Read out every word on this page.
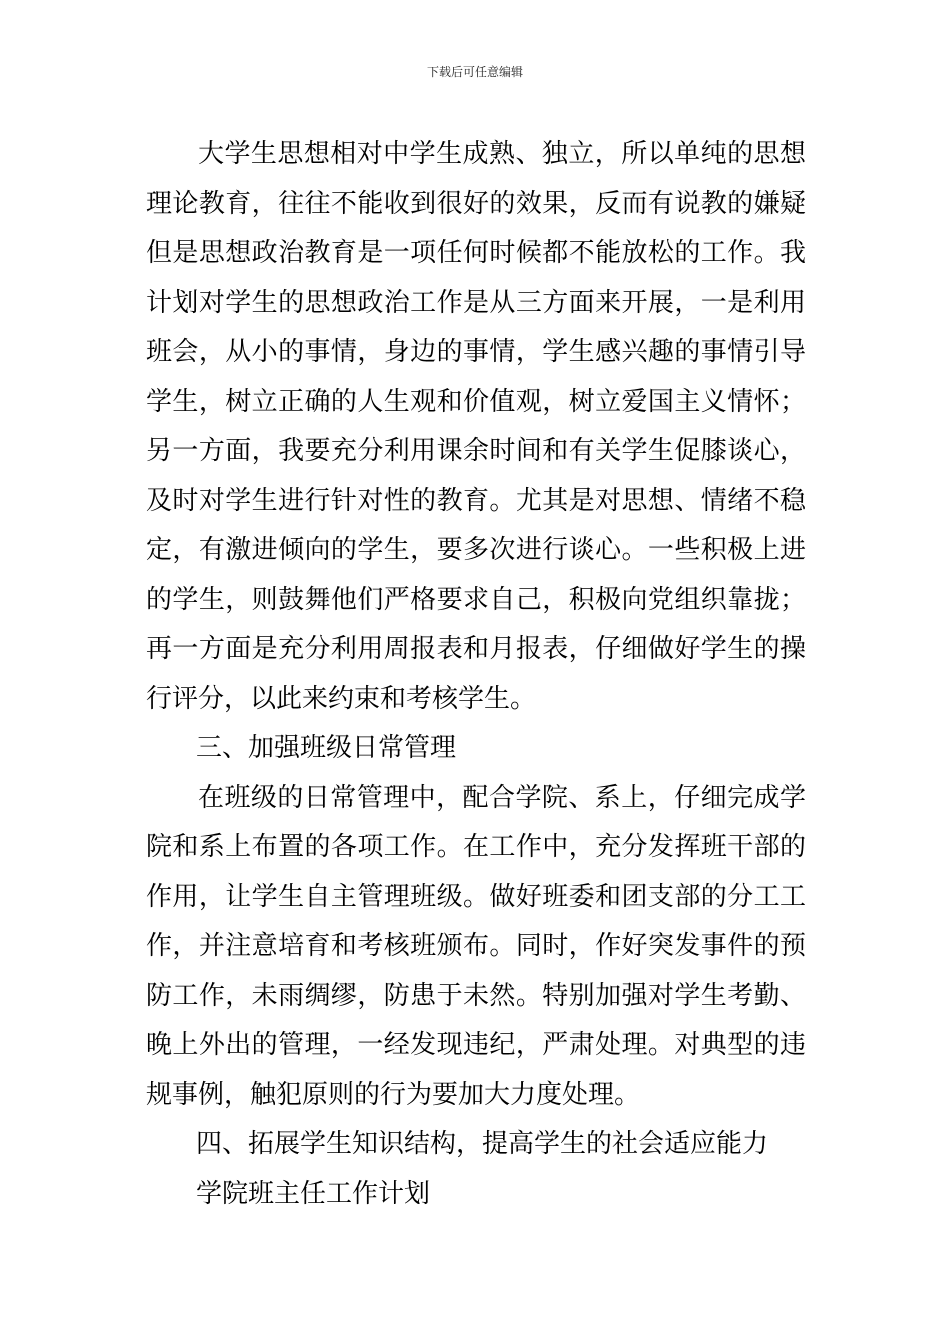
下载后可任意编辑

大学生思想相对中学生成熟、独立，所以单纯的思想理论教育，往往不能收到很好的效果，反而有说教的嫌疑但是思想政治教育是一项任何时候都不能放松的工作。我计划对学生的思想政治工作是从三方面来开展，一是利用班会，从小的事情，身边的事情，学生感兴趣的事情引导学生，树立正确的人生观和价值观，树立爱国主义情怀；另一方面，我要充分利用课余时间和有关学生促膝谈心，及时对学生进行针对性的教育。尤其是对思想、情绪不稳定，有激进倾向的学生，要多次进行谈心。一些积极上进的学生，则鼓舞他们严格要求自己，积极向党组织靠拢；再一方面是充分利用周报表和月报表，仔细做好学生的操行评分，以此来约束和考核学生。

三、加强班级日常管理

在班级的日常管理中，配合学院、系上，仔细完成学院和系上布置的各项工作。在工作中，充分发挥班干部的作用，让学生自主管理班级。做好班委和团支部的分工工作，并注意培育和考核班颁布。同时，作好突发事件的预防工作，未雨绸缪，防患于未然。特别加强对学生考勤、晚上外出的管理，一经发现违纪，严肃处理。对典型的违规事例，触犯原则的行为要加大力度处理。

四、拓展学生知识结构，提高学生的社会适应能力

学院班主任工作计划
